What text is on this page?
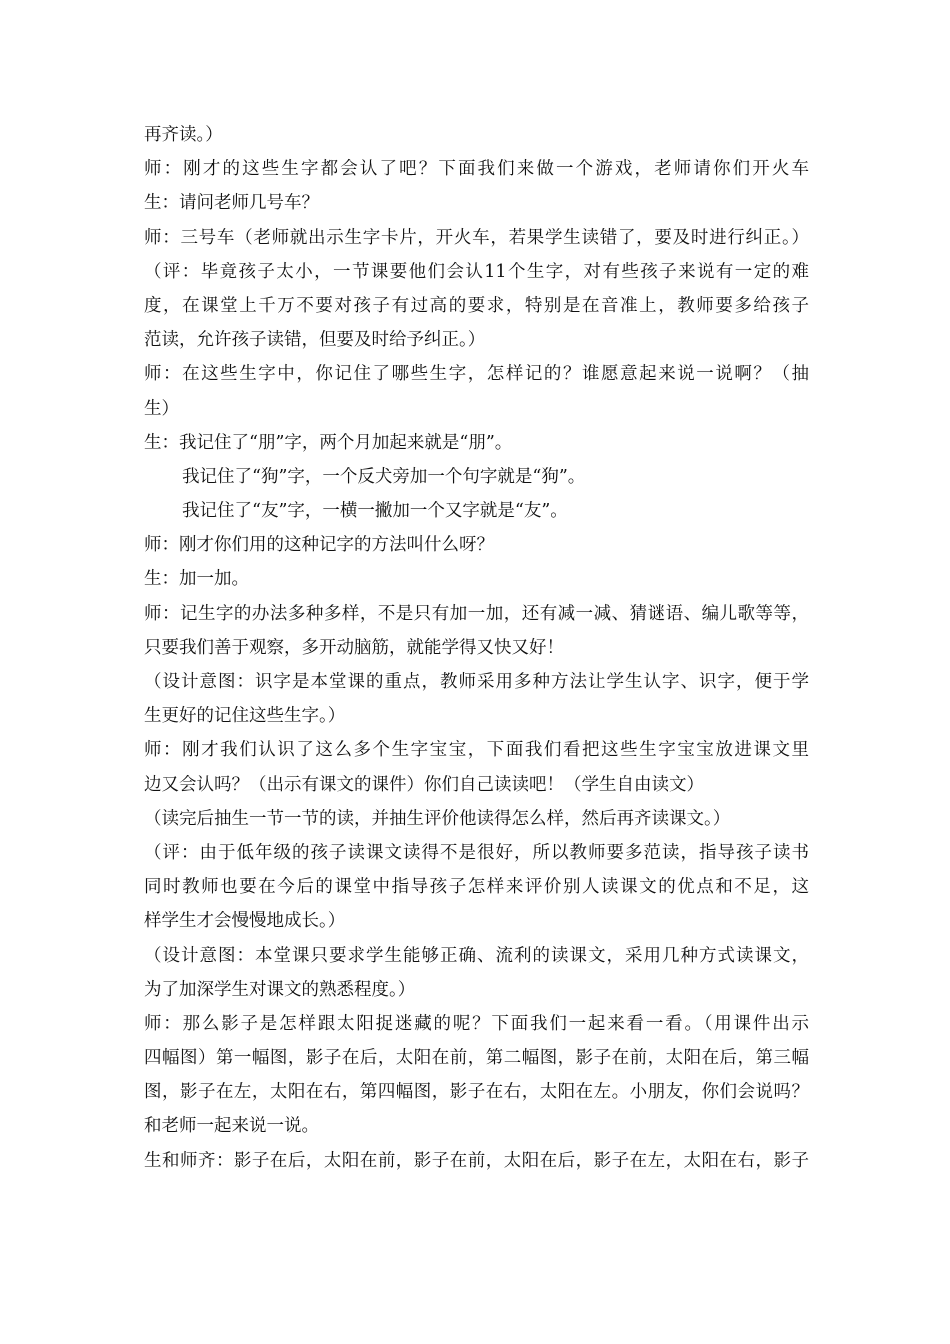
再齐读。）
师：刚才的这些生字都会认了吧？下面我们来做一个游戏，老师请你们开火车
生：请问老师几号车？
师：三号车（老师就出示生字卡片，开火车，若果学生读错了，要及时进行纠正。）
（评：毕竟孩子太小，一节课要他们会认11个生字，对有些孩子来说有一定的难
度，在课堂上千万不要对孩子有过高的要求，特别是在音准上，教师要多给孩子
范读，允许孩子读错，但要及时给予纠正。）
师：在这些生字中，你记住了哪些生字，怎样记的？谁愿意起来说一说啊？（抽
生）
生：我记住了“朋”字，两个月加起来就是“朋”。
我记住了“狗”字，一个反犬旁加一个句字就是“狗”。
我记住了“友”字，一横一撇加一个又字就是“友”。
师：刚才你们用的这种记字的方法叫什么呀？
生：加一加。
师：记生字的办法多种多样，不是只有加一加，还有减一减、猜谜语、编儿歌等等，
只要我们善于观察，多开动脑筋，就能学得又快又好！
（设计意图：识字是本堂课的重点，教师采用多种方法让学生认字、识字，便于学
生更好的记住这些生字。）
师：刚才我们认识了这么多个生字宝宝，下面我们看把这些生字宝宝放进课文里
边又会认吗？（出示有课文的课件）你们自己读读吧！（学生自由读文）
（读完后抽生一节一节的读，并抽生评价他读得怎么样，然后再齐读课文。）
（评：由于低年级的孩子读课文读得不是很好，所以教师要多范读，指导孩子读书
同时教师也要在今后的课堂中指导孩子怎样来评价别人读课文的优点和不足，这
样学生才会慢慢地成长。）
（设计意图：本堂课只要求学生能够正确、流利的读课文，采用几种方式读课文，
为了加深学生对课文的熟悉程度。）
师：那么影子是怎样跟太阳捉迷藏的呢？下面我们一起来看一看。（用课件出示
四幅图）第一幅图，影子在后，太阳在前，第二幅图，影子在前，太阳在后，第三幅
图，影子在左，太阳在右，第四幅图，影子在右，太阳在左。小朋友，你们会说吗？
和老师一起来说一说。
生和师齐：影子在后，太阳在前，影子在前，太阳在后，影子在左，太阳在右，影子
